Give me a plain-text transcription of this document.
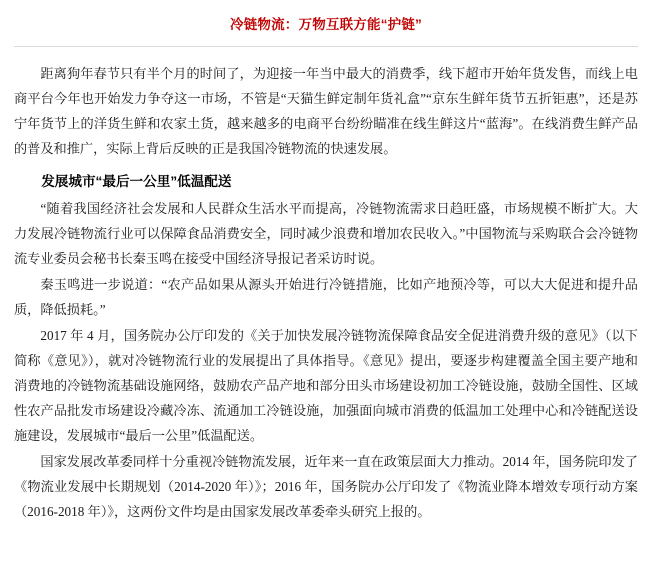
冷链物流：万物互联方能“护链”

距离狗年春节只有半个月的时间了，为迎接一年当中最大的消费季，线下超市开始年货发售，而线上电商平台今年也开始发力争夺这一市场，不管是“天猫生鲜定制年货礼盒”“京东生鲜年货节五折钜惠”，还是苏宁年货节上的洋货生鲜和农家土货，越来越多的电商平台纷纷瞄准在线生鲜这片“蓝海”。在线消费生鲜产品的普及和推广，实际上背后反映的正是我国冷链物流的快速发展。

发展城市“最后一公里”低温配送

“随着我国经济社会发展和人民群众生活水平而提高，冷链物流需求日趋旺盛，市场规模不断扩大。大力发展冷链物流行业可以保障食品消费安全，同时减少浪费和增加农民收入。”中国物流与采购联合会冷链物流专业委员会秘书长秦玉鸣在接受中国经济导报记者采访时说。

秦玉鸣进一步说道：“农产品如果从源头开始进行冷链措施，比如产地预冷等，可以大大促进和提升品质，降低损耗。”

2017 年 4 月，国务院办公厅印发的《关于加快发展冷链物流保障食品安全促进消费升级的意见》（以下简称《意见》），就对冷链物流行业的发展提出了具体指导。《意见》提出，要逐步构建覆盖全国主要产地和消费地的冷链物流基础设施网络，鼓励农产品产地和部分田头市场建设初加工冷链设施，鼓励全国性、区域性农产品批发市场建设冷藏冷冻、流通加工冷链设施，加强面向城市消费的低温加工处理中心和冷链配送设施建设，发展城市“最后一公里”低温配送。

国家发展改革委同样十分重视冷链物流发展，近年来一直在政策层面大力推动。2014 年，国务院印发了《物流业发展中长期规划（2014-2020 年）》；2016 年，国务院办公厅印发了《物流业降本增效专项行动方案（2016-2018 年）》，这两份文件均是由国家发展改革委牵头研究上报的。
